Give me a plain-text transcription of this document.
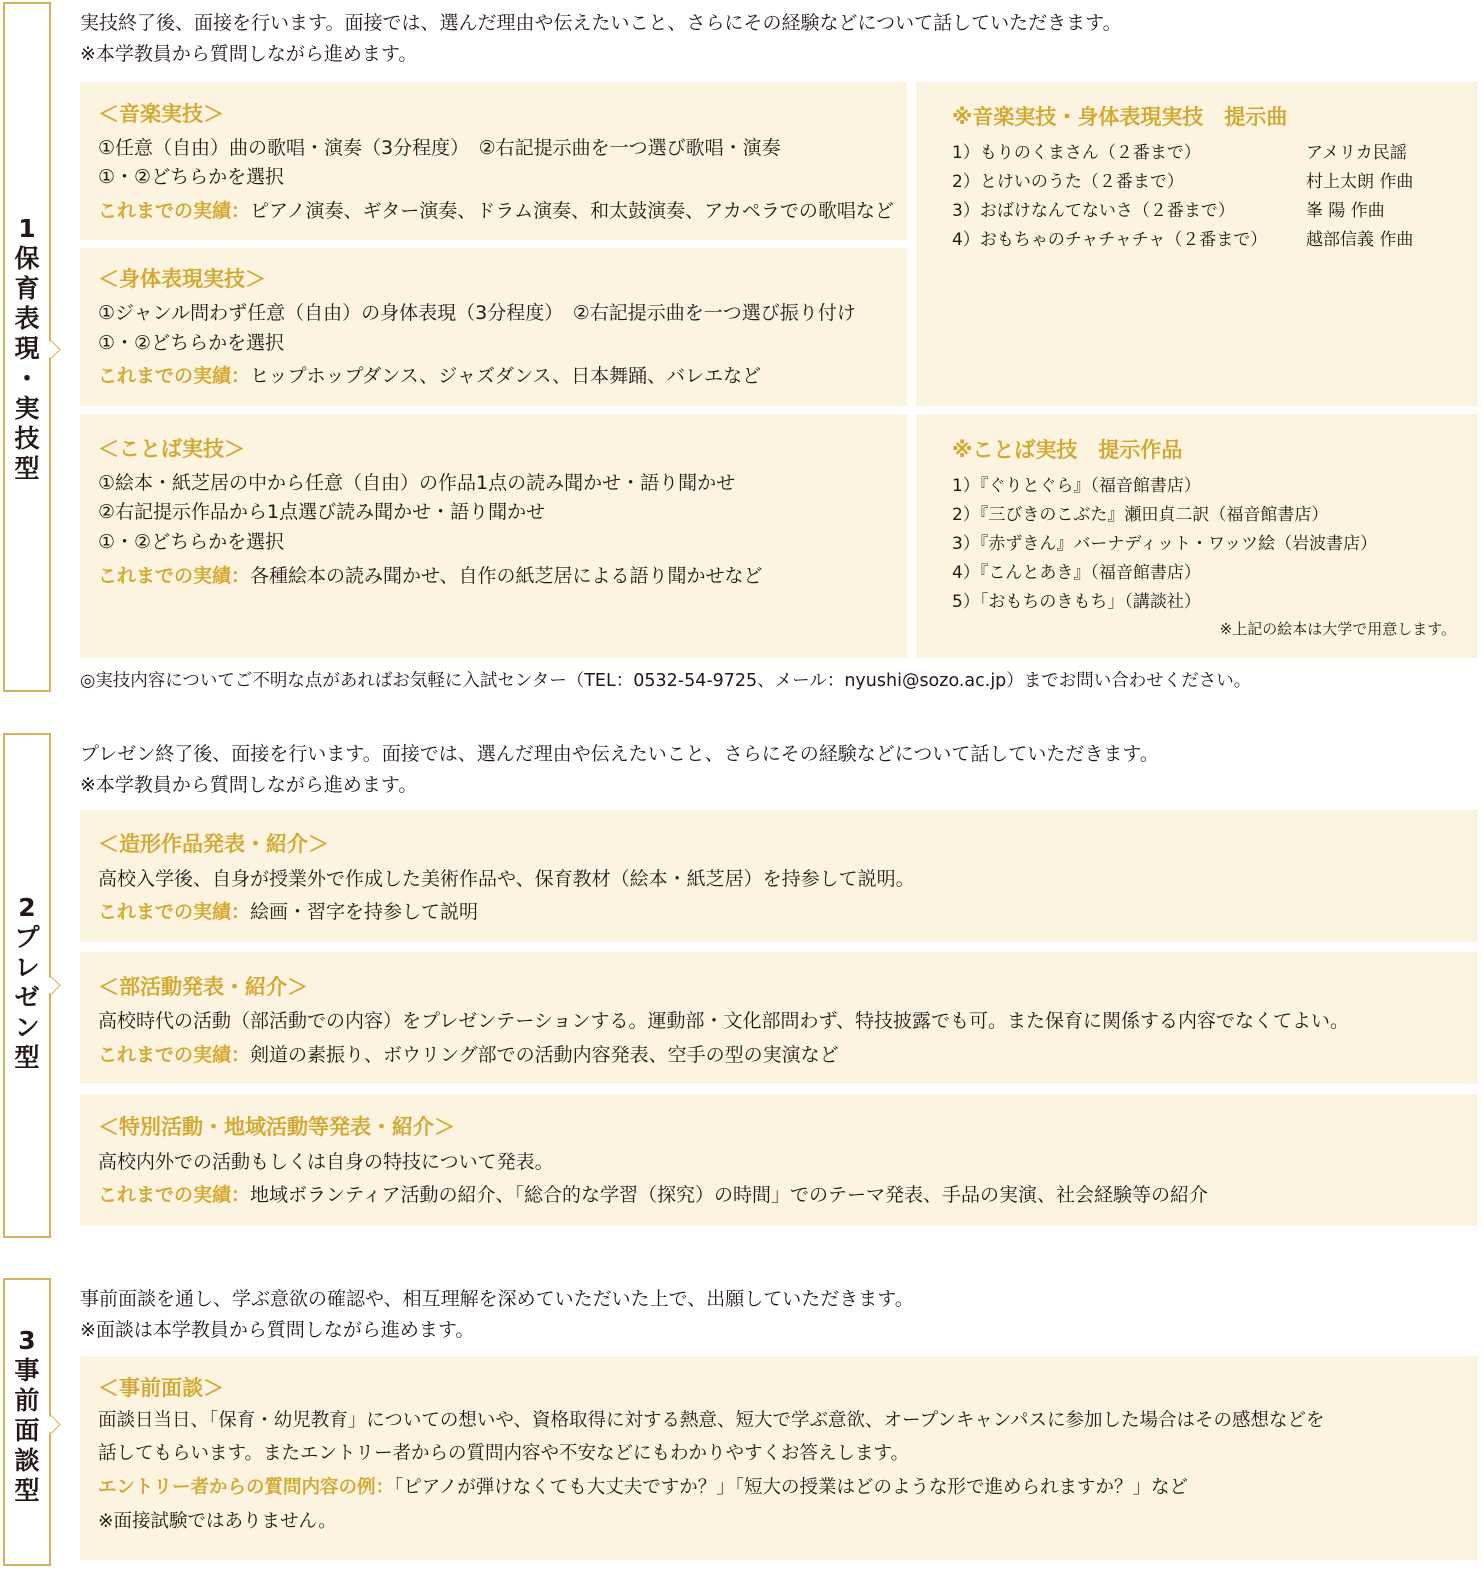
1
保
育
表
現
・
実
技
型
実技終了後、面接を行います。面接では、選んだ理由や伝えたいこと、さらにその経験などについて話していただきます。
※本学教員から質問しながら進めます。
＜音楽実技＞
①任意（自由）曲の歌唱・演奏（3分程度）　②右記提示曲を一つ選び歌唱・演奏
①・②どちらかを選択
これまでの実績：ピアノ演奏、ギター演奏、ドラム演奏、和太鼓演奏、アカペラでの歌唱など
＜身体表現実技＞
①ジャンル問わず任意（自由）の身体表現（3分程度）　②右記提示曲を一つ選び振り付け
①・②どちらかを選択
これまでの実績：ヒップホップダンス、ジャズダンス、日本舞踊、バレエなど
※音楽実技・身体表現実技　提示曲
1）もりのくまさん（２番まで）	アメリカ民謡
2）とけいのうた（２番まで）	村上太朗 作曲
3）おばけなんてないさ（２番まで）	峯 陽 作曲
4）おもちゃのチャチャチャ（２番まで） 越部信義 作曲
＜ことば実技＞
①絵本・紙芝居の中から任意（自由）の作品1点の読み聞かせ・語り聞かせ
②右記提示作品から1点選び読み聞かせ・語り聞かせ
①・②どちらかを選択
これまでの実績：各種絵本の読み聞かせ、自作の紙芝居による語り聞かせなど
※ことば実技　提示作品
1）『ぐりとぐら』（福音館書店）
2）『三びきのこぶた』瀬田貞二訳（福音館書店）
3）『赤ずきん』バーナディット・ワッツ絵（岩波書店）
4）『こんとあき』（福音館書店）
5）「おもちのきもち」（講談社）
※上記の絵本は大学で用意します。
◎実技内容についてご不明な点があればお気軽に入試センター（TEL：0532-54-9725、メール：nyushi@sozo.ac.jp）までお問い合わせください。
2
プ
レ
ゼ
ン
型
プレゼン終了後、面接を行います。面接では、選んだ理由や伝えたいこと、さらにその経験などについて話していただきます。
※本学教員から質問しながら進めます。
＜造形作品発表・紹介＞
高校入学後、自身が授業外で作成した美術作品や、保育教材（絵本・紙芝居）を持参して説明。
これまでの実績：絵画・習字を持参して説明
＜部活動発表・紹介＞
高校時代の活動（部活動での内容）をプレゼンテーションする。運動部・文化部問わず、特技披露でも可。また保育に関係する内容でなくてよい。
これまでの実績：剣道の素振り、ボウリング部での活動内容発表、空手の型の実演など
＜特別活動・地域活動等発表・紹介＞
高校内外での活動もしくは自身の特技について発表。
これまでの実績：地域ボランティア活動の紹介、「総合的な学習（探究）の時間」でのテーマ発表、手品の実演、社会経験等の紹介
3
事
前
面
談
型
事前面談を通し、学ぶ意欲の確認や、相互理解を深めていただいた上で、出願していただきます。
※面談は本学教員から質問しながら進めます。
＜事前面談＞
面談日当日、「保育・幼児教育」についての想いや、資格取得に対する熱意、短大で学ぶ意欲、オープンキャンパスに参加した場合はその感想などを
話してもらいます。またエントリー者からの質問内容や不安などにもわかりやすくお答えします。
エントリー者からの質問内容の例：「ピアノが弾けなくても大丈夫ですか？」「短大の授業はどのような形で進められますか？」など
※面接試験ではありません。
